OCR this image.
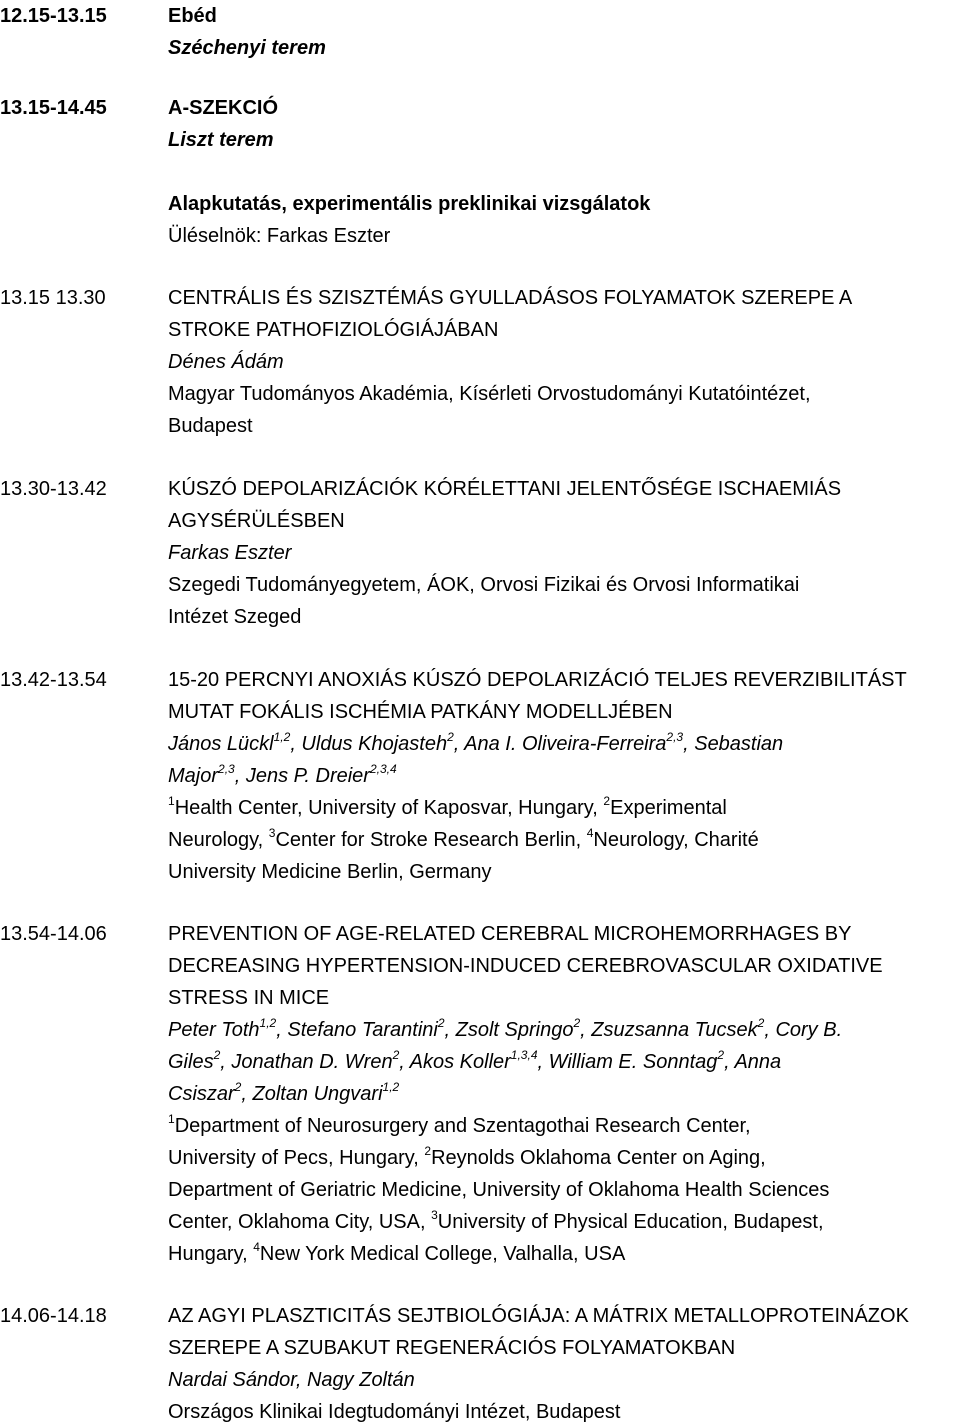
12.15-13.15	Ebéd
Széchenyi terem
13.15-14.45	A-SZEKCIÓ
Liszt terem
Alapkutatás, experimentális preklinikai vizsgálatok
Üléselnök: Farkas Eszter
13.15 13.30	CENTRÁLIS ÉS SZISZTÉMÁS GYULLADÁSOS FOLYAMATOK SZEREPE A
STROKE PATHOFIZIOLÓGIÁJÁBAN
Dénes Ádám
Magyar Tudományos Akadémia, Kísérleti Orvostudományi Kutatóintézet,
Budapest
13.30-13.42	KÚSZÓ DEPOLARIZÁCIÓK KÓRÉLETTANI JELENTŐSÉGE ISCHAEMIÁS
AGYSÉRÜLÉSBEN
Farkas Eszter
Szegedi Tudományegyetem, ÁOK, Orvosi Fizikai és Orvosi Informatikai
Intézet Szeged
13.42-13.54	15-20 PERCNYI ANOXIÁS KÚSZÓ DEPOLARIZÁCIÓ TELJES REVERZIBILITÁST
MUTAT FOKÁLIS ISCHÉMIA PATKÁNY MODELLJÉBEN
János Lückl$^{1,2}$, Uldus Khojasteh$^2$, Ana I. Oliveira-Ferreira$^{2,3}$, Sebastian
Major$^{2,3}$, Jens P. Dreier$^{2,3,4}$
$^1$Health Center, University of Kaposvar, Hungary, $^2$Experimental
Neurology, $^3$Center for Stroke Research Berlin, $^4$Neurology, Charité
University Medicine Berlin, Germany
13.54-14.06	PREVENTION OF AGE-RELATED CEREBRAL MICROHEMORRHAGES BY
DECREASING HYPERTENSION-INDUCED CEREBROVASCULAR OXIDATIVE
STRESS IN MICE
Peter Toth$^{1,2}$, Stefano Tarantini$^2$, Zsolt Springo$^2$, Zsuzsanna Tucsek$^2$, Cory B.
Giles$^2$, Jonathan D. Wren$^2$, Akos Koller$^{1,3,4}$, William E. Sonntag$^2$, Anna
Csiszar$^2$, Zoltan Ungvari$^{1,2}$
$^1$Department of Neurosurgery and Szentagothai Research Center,
University of Pecs, Hungary, $^2$Reynolds Oklahoma Center on Aging,
Department of Geriatric Medicine, University of Oklahoma Health Sciences
Center, Oklahoma City, USA, $^3$University of Physical Education, Budapest,
Hungary, $^4$New York Medical College, Valhalla, USA
14.06-14.18	AZ AGYI PLASZTICITÁS SEJTBIOLÓGIÁJA: A MÁTRIX METALLOPROTEINÁZOK
SZEREPE A SZUBAKUT REGENERÁCIÓS FOLYAMATOKBAN
Nardai Sándor, Nagy Zoltán
Országos Klinikai Idegtudományi Intézet, Budapest
